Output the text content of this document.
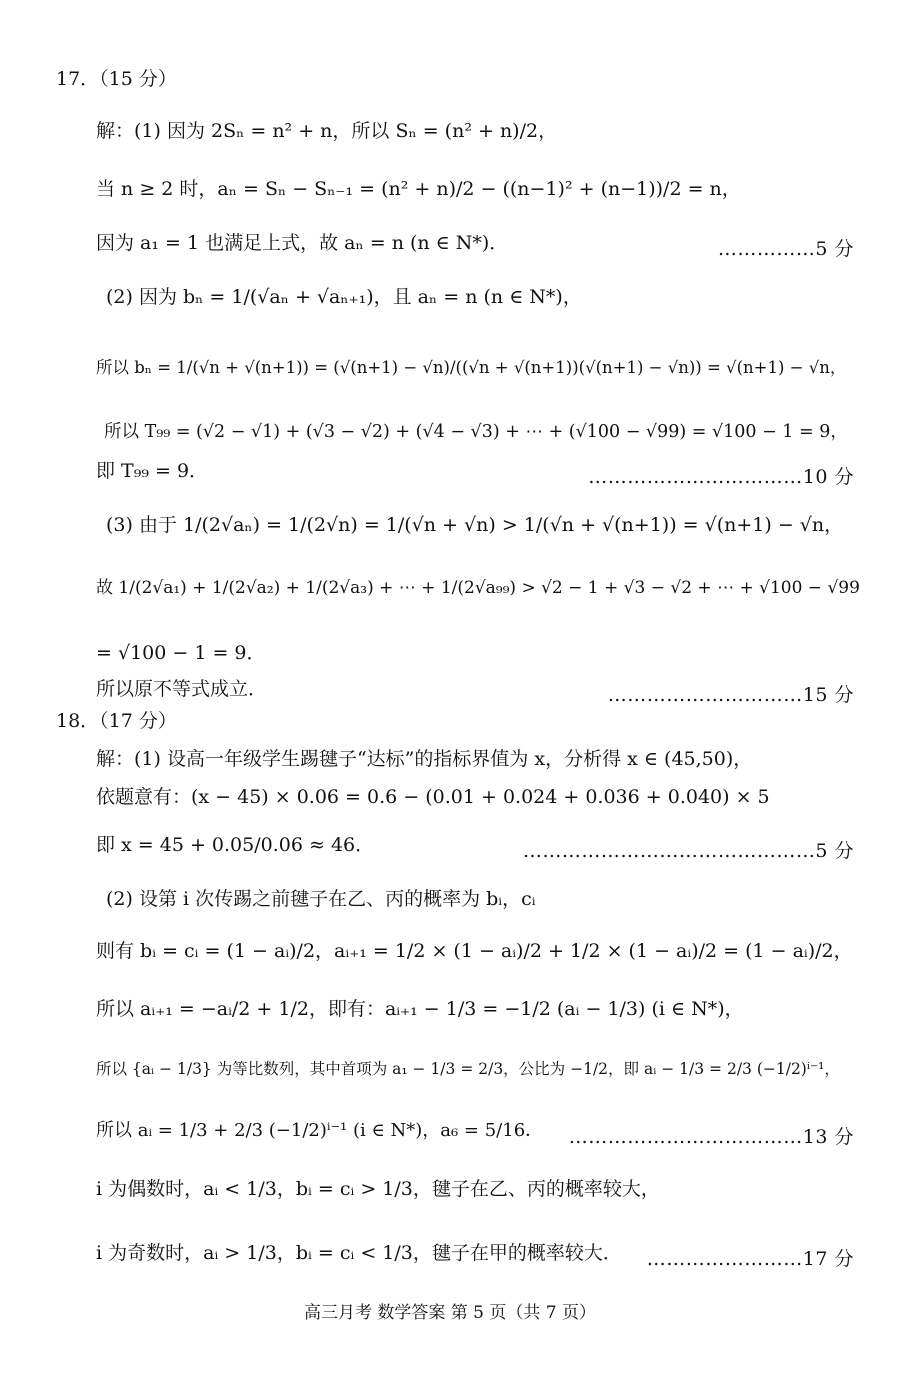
17．（15 分）
解：(1) 因为 2Sₙ = n² + n，所以 Sₙ = (n² + n)/2，
当 n ≥ 2 时，aₙ = Sₙ − Sₙ₋₁ = (n² + n)/2 − ((n−1)² + (n−1))/2 = n，
因为 a₁ = 1 也满足上式，故 aₙ = n (n ∈ N*)．	……………5 分
(2) 因为 bₙ = 1/(√aₙ + √aₙ₊₁)，且 aₙ = n (n ∈ N*)，
所以 bₙ = 1/(√n + √(n+1)) = (√(n+1) − √n)/((√n + √(n+1))(√(n+1) − √n)) = √(n+1) − √n，
所以 T₉₉ = (√2 − √1) + (√3 − √2) + (√4 − √3) + ⋯ + (√100 − √99) = √100 − 1 = 9，
即 T₉₉ = 9．	……………………………10 分
(3) 由于 1/(2√aₙ) = 1/(2√n) = 1/(√n + √n) > 1/(√n + √(n+1)) = √(n+1) − √n，
故 1/(2√a₁) + 1/(2√a₂) + 1/(2√a₃) + ⋯ + 1/(2√a₉₉) > √2 − 1 + √3 − √2 + ⋯ + √100 − √99
= √100 − 1 = 9．
所以原不等式成立．	…………………………15 分
18．（17 分）
解：(1) 设高一年级学生踢毽子“达标”的指标界值为 x，分析得 x ∈ (45,50)，
依题意有：(x − 45) × 0.06 = 0.6 − (0.01 + 0.024 + 0.036 + 0.040) × 5
即 x = 45 + 0.05/0.06 ≈ 46．	………………………………………5 分
(2) 设第 i 次传踢之前毽子在乙、丙的概率为 bᵢ，cᵢ
则有 bᵢ = cᵢ = (1 − aᵢ)/2，aᵢ₊₁ = 1/2 × (1 − aᵢ)/2 + 1/2 × (1 − aᵢ)/2 = (1 − aᵢ)/2，
所以 aᵢ₊₁ = −aᵢ/2 + 1/2，即有：aᵢ₊₁ − 1/3 = −1/2 (aᵢ − 1/3) (i ∈ N*)，
所以 {aᵢ − 1/3} 为等比数列，其中首项为 a₁ − 1/3 = 2/3，公比为 −1/2，即 aᵢ − 1/3 = 2/3 (−1/2)ⁱ⁻¹，
所以 aᵢ = 1/3 + 2/3 (−1/2)ⁱ⁻¹ (i ∈ N*)，a₆ = 5/16． ………………………………13 分
i 为偶数时，aᵢ < 1/3，bᵢ = cᵢ > 1/3，毽子在乙、丙的概率较大，
i 为奇数时，aᵢ > 1/3，bᵢ = cᵢ < 1/3，毽子在甲的概率较大． ……………………17 分
高三月考 数学答案 第 5 页（共 7 页）
